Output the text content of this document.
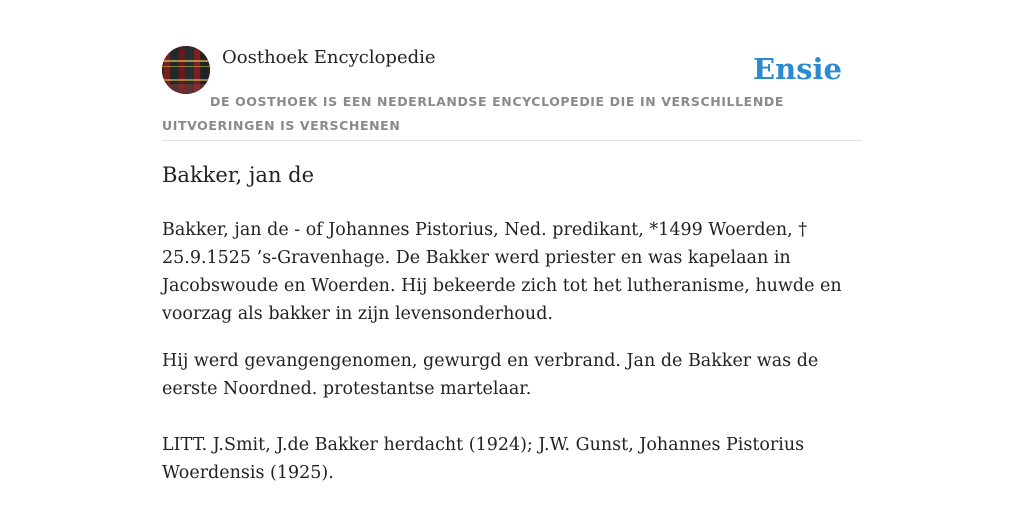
Oosthoek Encyclopedie	Ensie
DE OOSTHOEK IS EEN NEDERLANDSE ENCYCLOPEDIE DIE IN VERSCHILLENDE UITVOERINGEN IS VERSCHENEN
Bakker, jan de

Bakker, jan de - of Johannes Pistorius, Ned. predikant, *1499 Woerden, † 25.9.1525 ’s-Gravenhage. De Bakker werd priester en was kapelaan in Jacobswoude en Woerden. Hij bekeerde zich tot het lutheranisme, huwde en voorzag als bakker in zijn levensonderhoud.

Hij werd gevangengenomen, gewurgd en verbrand. Jan de Bakker was de eerste Noordned. protestantse martelaar.

LITT. J.Smit, J.de Bakker herdacht (1924); J.W. Gunst, Johannes Pistorius Woerdensis (1925).
